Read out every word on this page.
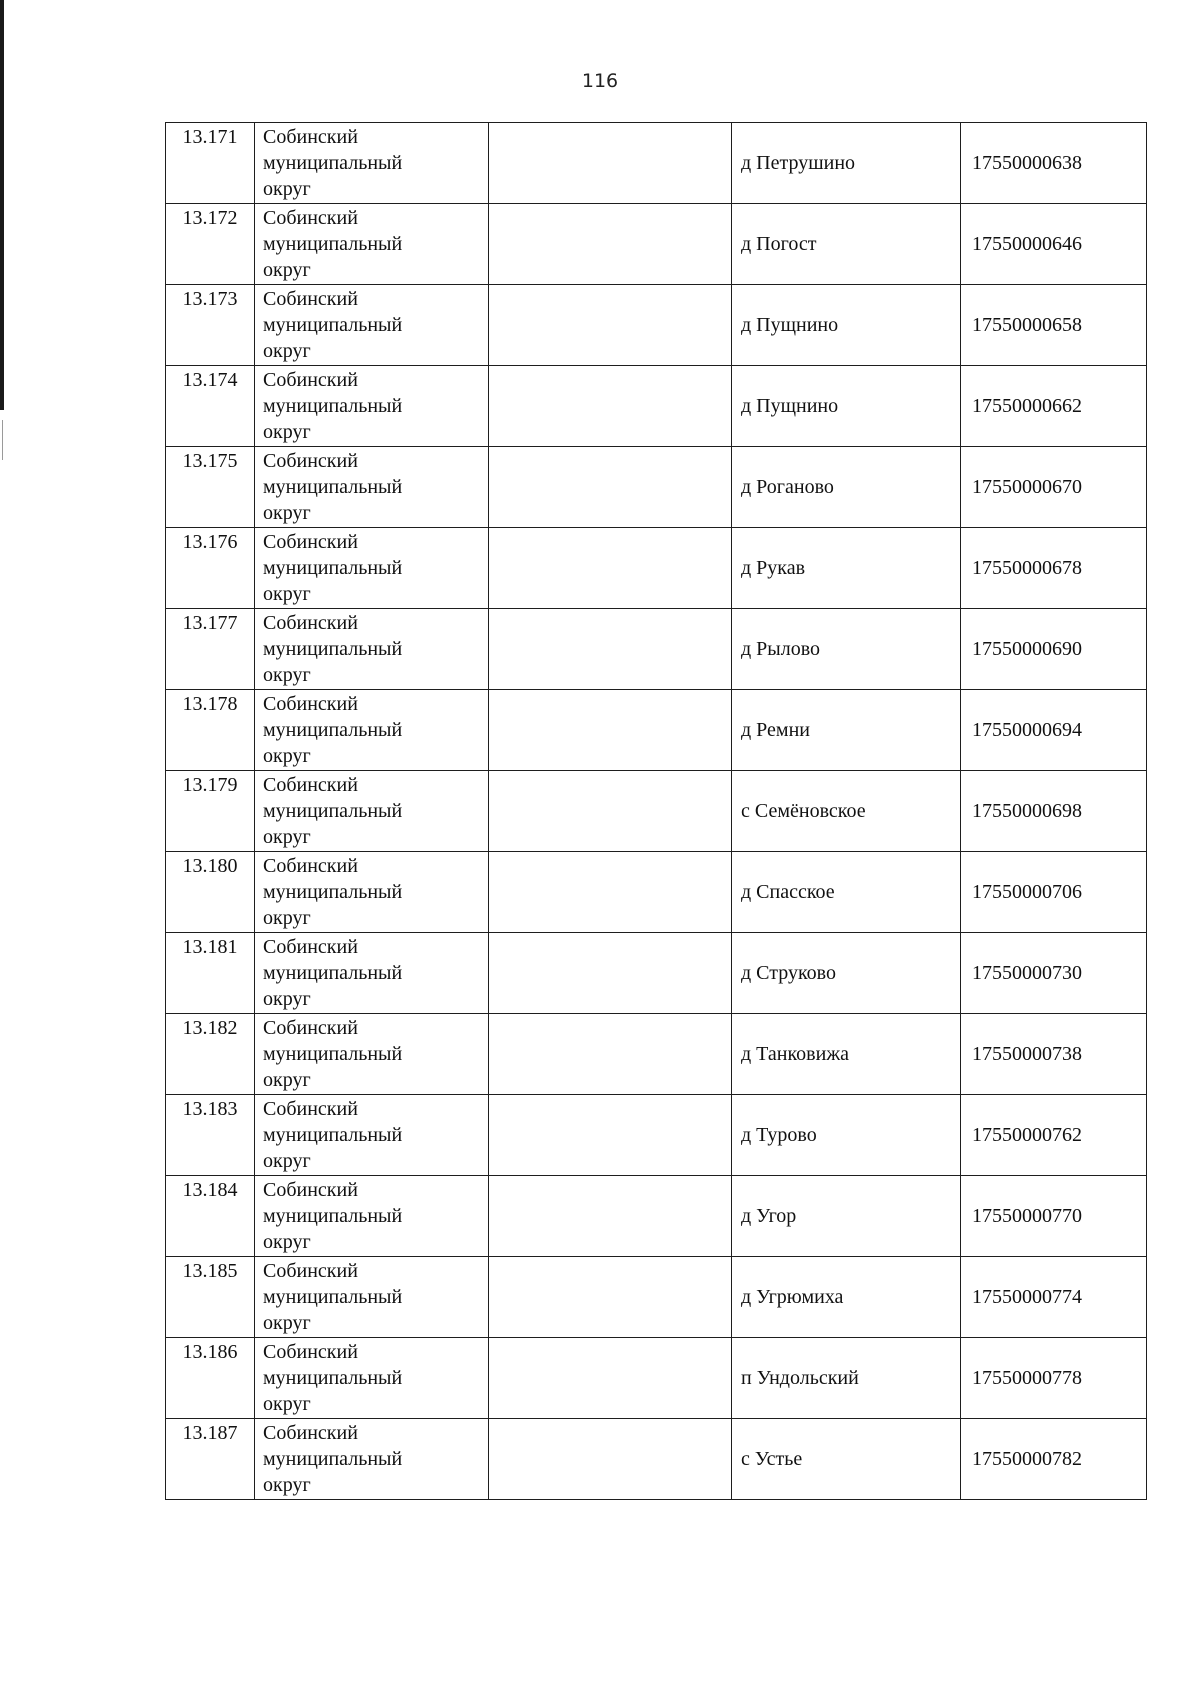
116
13.171	Собинский
муниципальный
округ		д Петрушино	17550000638
13.172	Собинский
муниципальный
округ		д Погост	17550000646
13.173	Собинский
муниципальный
округ		д Пущнино	17550000658
13.174	Собинский
муниципальный
округ		д Пущнино	17550000662
13.175	Собинский
муниципальный
округ		д Роганово	17550000670
13.176	Собинский
муниципальный
округ		д Рукав	17550000678
13.177	Собинский
муниципальный
округ		д Рылово	17550000690
13.178	Собинский
муниципальный
округ		д Ремни	17550000694
13.179	Собинский
муниципальный
округ		с Семёновское	17550000698
13.180	Собинский
муниципальный
округ		д Спасское	17550000706
13.181	Собинский
муниципальный
округ		д Струково	17550000730
13.182	Собинский
муниципальный
округ		д Танковижа	17550000738
13.183	Собинский
муниципальный
округ		д Турово	17550000762
13.184	Собинский
муниципальный
округ		д Угор	17550000770
13.185	Собинский
муниципальный
округ		д Угрюмиха	17550000774
13.186	Собинский
муниципальный
округ		п Ундольский	17550000778
13.187	Собинский
муниципальный
округ		с Устье	17550000782
